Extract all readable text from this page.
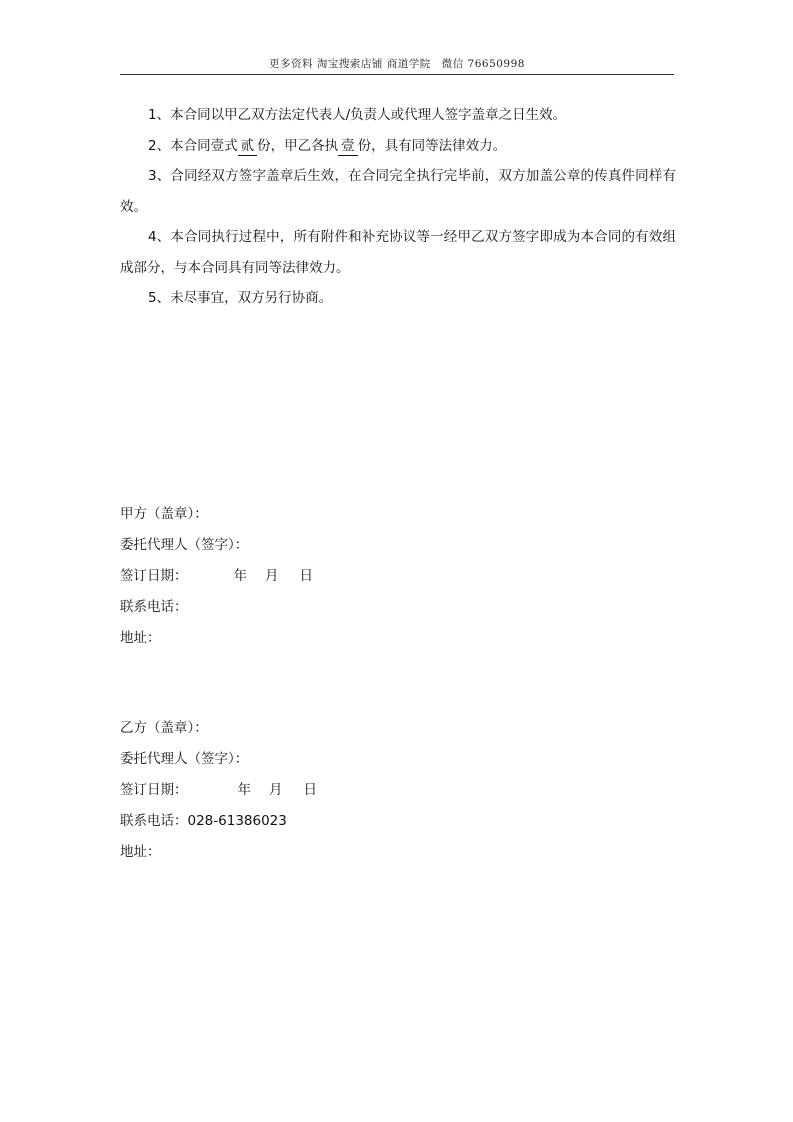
更多资料 淘宝搜索店铺 商道学院　微信 76650998

1、本合同以甲乙双方法定代表人/负责人或代理人签字盖章之日生效。

2、本合同壹式 贰 份，甲乙各执 壹 份，具有同等法律效力。

3、合同经双方签字盖章后生效，在合同完全执行完毕前，双方加盖公章的传真件同样有效。

4、本合同执行过程中，所有附件和补充协议等一经甲乙双方签字即成为本合同的有效组成部分，与本合同具有同等法律效力。

5、未尽事宜，双方另行协商。

甲方（盖章）：
委托代理人（签字）：
签订日期：	年 月 日
联系电话：
地址：
乙方（盖章）：
委托代理人（签字）：
签订日期：	年 月 日
联系电话：028-61386023
地址：
